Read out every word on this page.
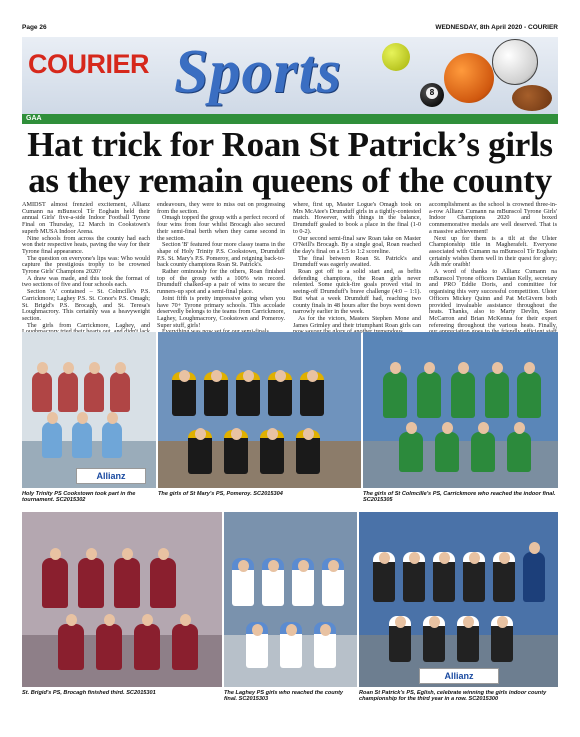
Page 26	WEDNESDAY, 8th April 2020 - COURIER
8
COURIER Sports
GAA
Hat trick for Roan St Patrick’s girls as they remain queens of the county

AMIDST almost frenzied excitement, Allianz Cumann na mBunscol Tír Eoghain held their annual Girls' five-a-side Indoor Football Tyrone Final on Thursday, 12 March in Cookstown's superb MUSA Indoor Arena.

Nine schools from across the county had each won their respective heats, paving the way for their Tyrone final appearance.

The question on everyone's lips was: Who would capture the prestigious trophy to be crowned Tyrone Girls' Champions 2020?

A draw was made, and this took the format of two sections of five and four schools each.

Section 'A' contained – St. Colmcille's P.S. Carrickmore; Laghey P.S. St. Conor's P.S. Omagh; St. Brigid's P.S. Brocagh, and St. Teresa's Loughmacrory. This certainly was a heavyweight section.

The girls from Carrickmore, Laghey, and

endeavours, they were to miss out on progressing from the section.

Omagh topped the group with a perfect record of four wins from four whilst Brocagh also secured their semi-final berth when they came second in the section.

Section 'B' featured four more classy teams in the shape of Holy Trinity P.S. Cookstown, Drumduff P.S. St. Mary's P.S. Pomeroy, and reigning back-to-back county champions Roan St. Patrick's.

Rather ominously for the others, Roan finished top of the group with a 100% win record. Drumduff chalked-up a pair of wins to secure the runners-up spot and a semi-final place.

Joint fifth is pretty impressive going when you have 70+ Tyrone primary schools. This accolade deservedly belongs to the teams from Carrickmore, Laghey, Loughmacrory, Cookstown and Pomeroy. Super stuff, girls!

where, first up, Master Logue's Omagh took on Mrs McAtee's Drumduff girls in a tightly-contested match. However, with things in the balance, Drumduff goaled to book a place in the final (1-0 to 0-2).

Our second semi-final saw Roan take on Master O'Neill's Brocagh. By a single goal, Roan reached the day's final on a 1:5 to 1:2 scoreline.

The final between Roan St. Patrick's and Drumduff was eagerly awaited.

Roan got off to a solid start and, as befits defending champions, the Roan girls never relented. Some quick-fire goals proved vital in seeing-off Drumduff's brave challenge (4:0 – 1:1). But what a week Drumduff had, reaching two county finals in 48 hours after the boys went down narrowly earlier in the week.

As for the victors, Masters Stephen Mone and James Grimley and their triumphant Roan girls can

accomplishment as the school is crowned three-in-a-row Allianz Cumann na mBunscol Tyrone Girls' Indoor Champions 2020 and boxed commemorative medals are well deserved. That is a massive achievement!

Next up for them is a tilt at the Ulster Championship title in Magherafelt. Everyone associated with Cumann na mBunscol Tír Eoghain certainly wishes them well in their quest for glory; Ádh mór oraibh!

A word of thanks to Allianz Cumann na mBunscol Tyrone officers Damian Kelly, secretary and PRO Eddie Doris, and committee for organising this very successful competition. Ulster Officers Mickey Quinn and Pat McGivern both provided invaluable assistance throughout the heats. Thanks, also to Marty Devlin, Sean McCarron and Brian McKenna for their expert refereeing throughout the various heats. Finally,

Allianz
Holy Trinity PS Cookstown took part in the tournament. SC2015302
The girls of St Mary's PS, Pomeroy. SC2015304	The girls of St Colmcille's PS, Carrickmore who reached the indoor final. SC2015305
Allianz
St. Brigid's PS, Brocagh finished third. SC2015301	The Laghey PS girls who reached the county final. SC2015303
Roan St Patrick's PS, Eglish, celebrate winning the girls indoor county championship for the third year in a row. SC2015300
